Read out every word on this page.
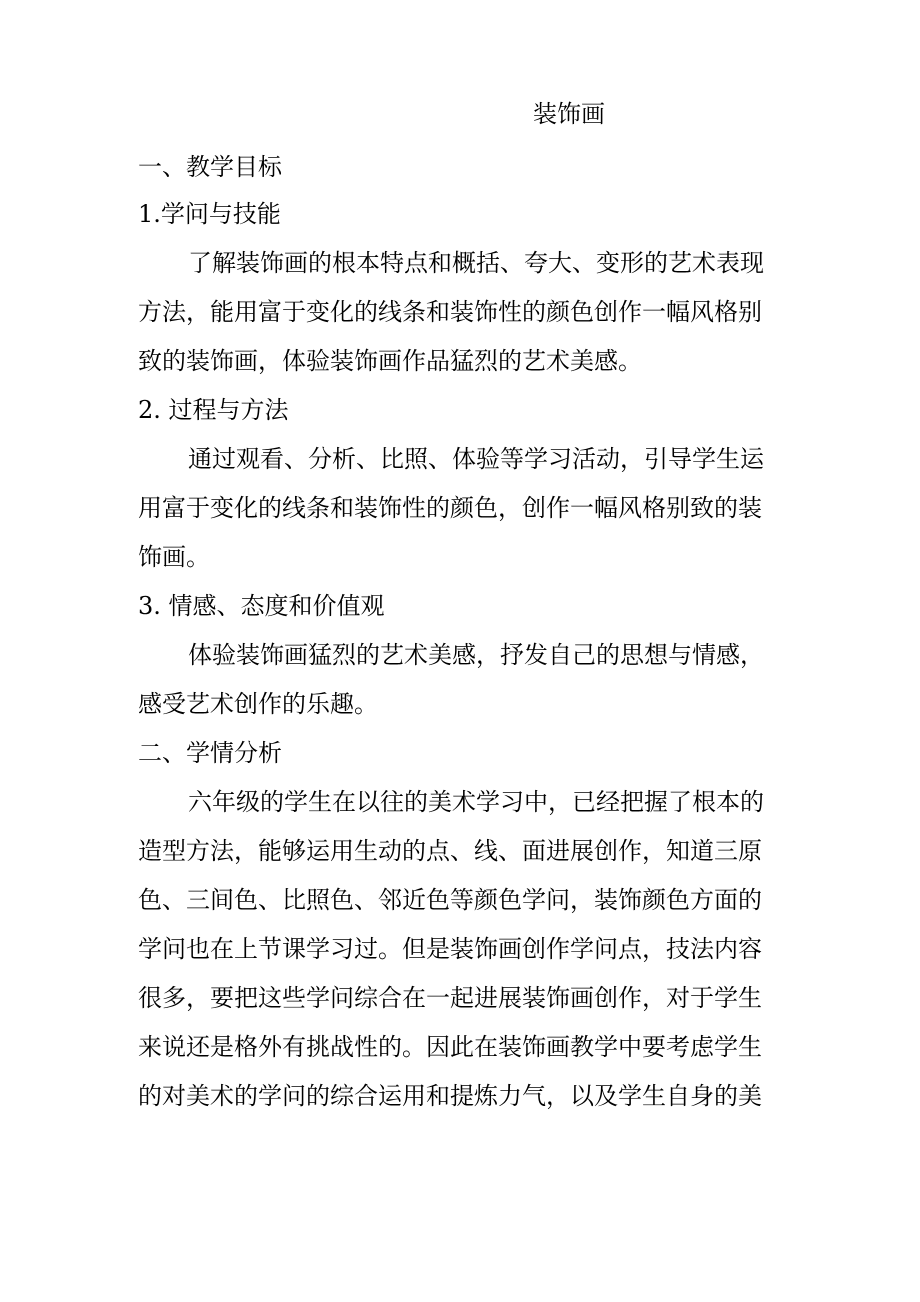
装饰画
一、教学目标
1.学问与技能
了解装饰画的根本特点和概括、夸大、变形的艺术表现
方法，能用富于变化的线条和装饰性的颜色创作一幅风格别
致的装饰画，体验装饰画作品猛烈的艺术美感。
2. 过程与方法
通过观看、分析、比照、体验等学习活动，引导学生运
用富于变化的线条和装饰性的颜色，创作一幅风格别致的装
饰画。
3. 情感、态度和价值观
体验装饰画猛烈的艺术美感，抒发自己的思想与情感，
感受艺术创作的乐趣。
二、学情分析
六年级的学生在以往的美术学习中，已经把握了根本的
造型方法，能够运用生动的点、线、面进展创作，知道三原
色、三间色、比照色、邻近色等颜色学问，装饰颜色方面的
学问也在上节课学习过。但是装饰画创作学问点，技法内容
很多，要把这些学问综合在一起进展装饰画创作，对于学生
来说还是格外有挑战性的。因此在装饰画教学中要考虑学生
的对美术的学问的综合运用和提炼力气，以及学生自身的美
